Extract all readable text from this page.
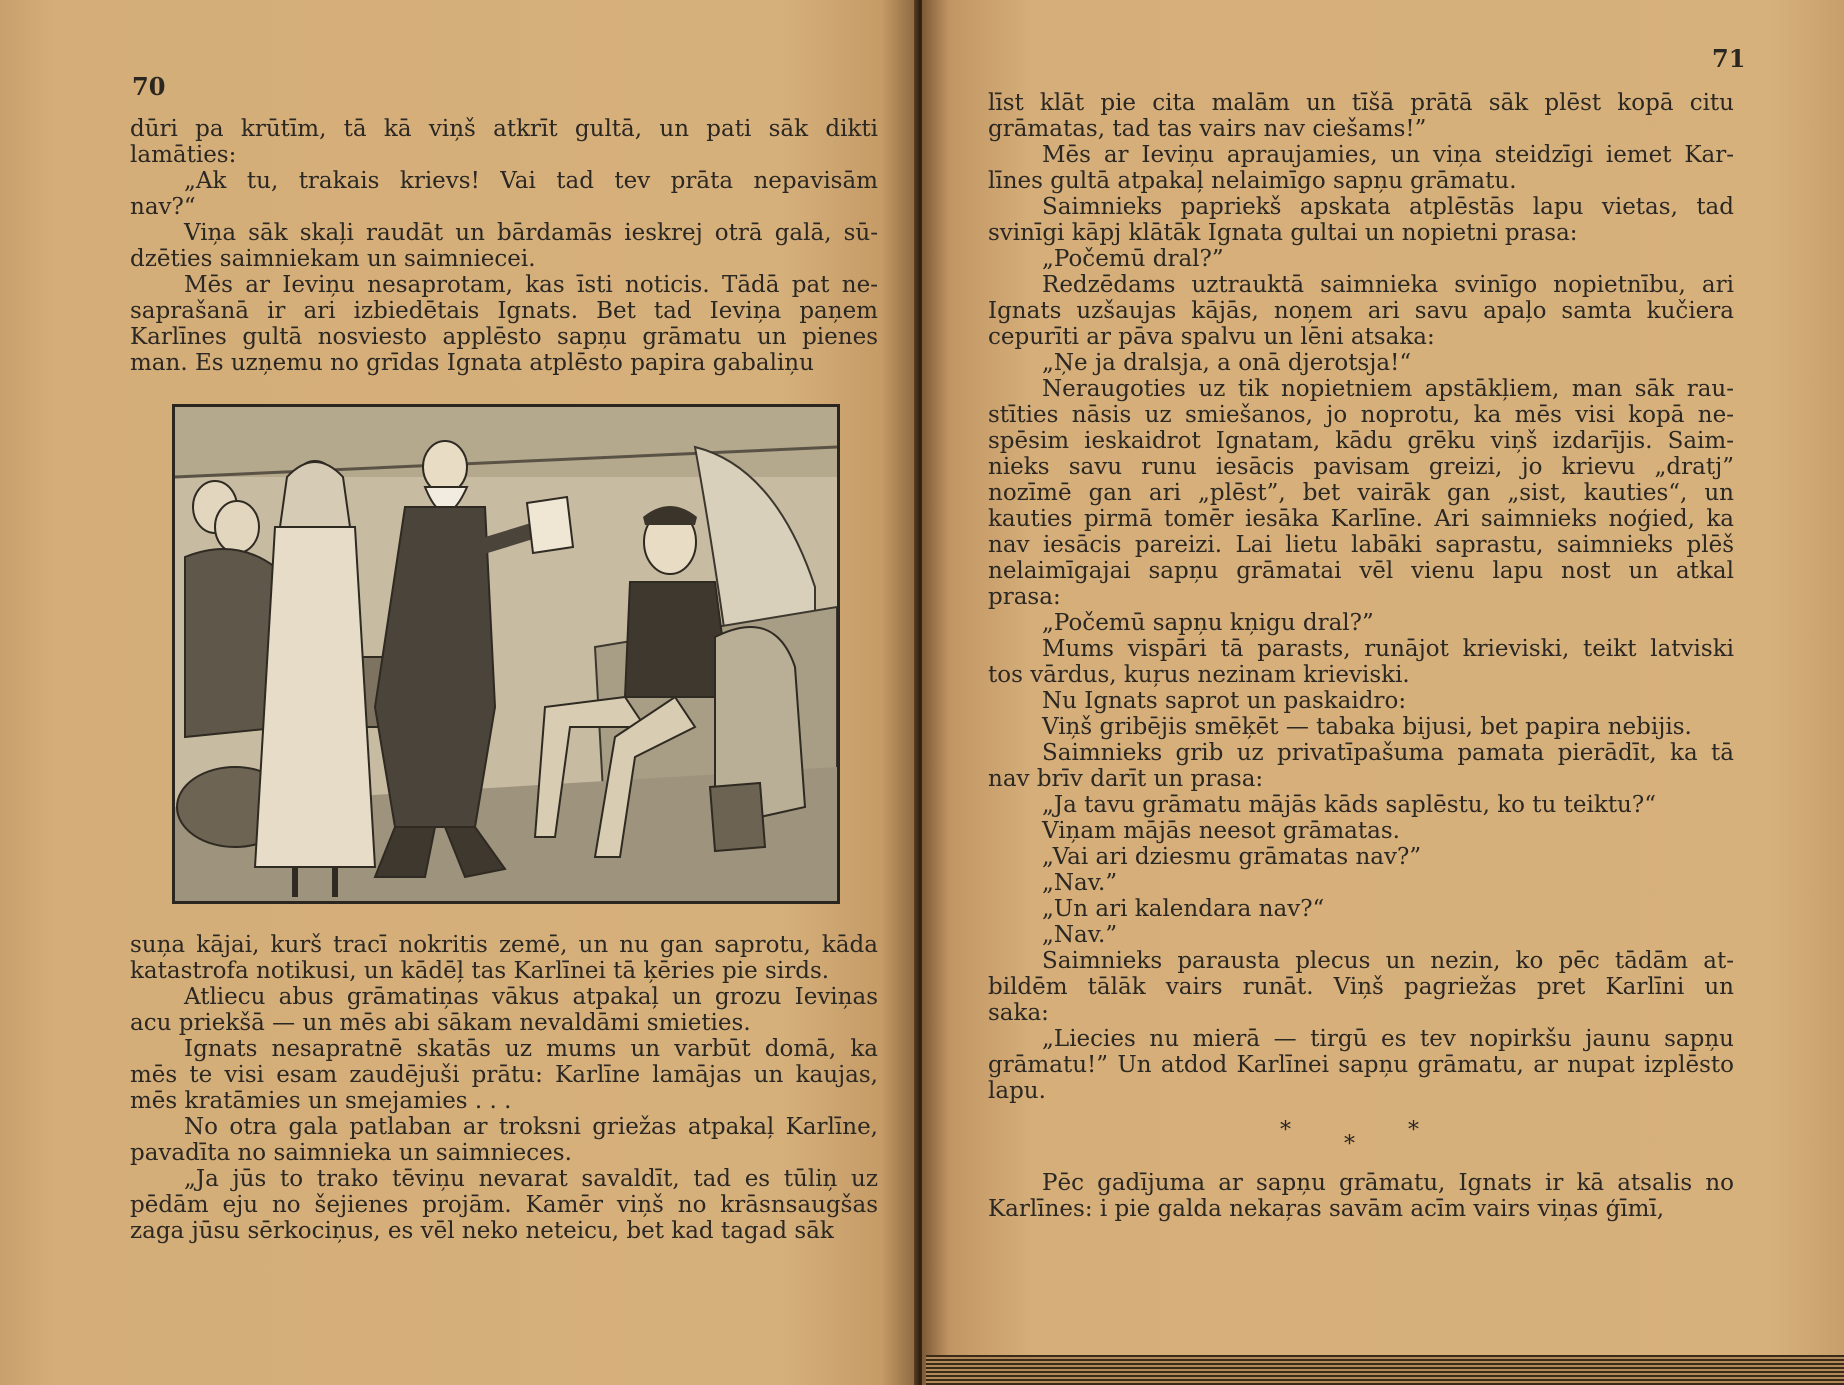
70
dūri pa krūtīm, tā kā viņš atkrīt gultā, un pati sāk dikti
lamāties:
„Ak tu, trakais krievs! Vai tad tev prāta nepavisām
nav?“
Viņa sāk skaļi raudāt un bārdamās ieskrej otrā galā, sū-
dzēties saimniekam un saimniecei.
Mēs ar Ieviņu nesaprotam, kas īsti noticis. Tādā pat ne-
saprašanā ir ari izbiedētais Ignats. Bet tad Ieviņa paņem
Karlīnes gultā nosviesto applēsto sapņu grāmatu un pienes
man. Es uzņemu no grīdas Ignata atplēsto papira gabaliņu
suņa kājai, kurš tracī nokritis zemē, un nu gan saprotu, kāda
katastrofa notikusi, un kādēļ tas Karlīnei tā ķēries pie sirds.
Atliecu abus grāmatiņas vākus atpakaļ un grozu Ieviņas
acu priekšā — un mēs abi sākam nevaldāmi smieties.
Ignats nesapratnē skatās uz mums un varbūt domā, ka
mēs te visi esam zaudējuši prātu: Karlīne lamājas un kaujas,
mēs kratāmies un smejamies . . .
No otra gala patlaban ar troksni griežas atpakaļ Karlīne,
pavadīta no saimnieka un saimnieces.
„Ja jūs to trako tēviņu nevarat savaldīt, tad es tūliņ uz
pēdām eju no šejienes projām. Kamēr viņš no krāsnsaugšas
zaga jūsu sērkociņus, es vēl neko neteicu, bet kad tagad sāk
71
līst klāt pie cita malām un tīšā prātā sāk plēst kopā citu
grāmatas, tad tas vairs nav ciešams!”
Mēs ar Ieviņu apraujamies, un viņa steidzīgi iemet Kar-
līnes gultā atpakaļ nelaimīgo sapņu grāmatu.
Saimnieks papriekš apskata atplēstās lapu vietas, tad
svinīgi kāpj klātāk Ignata gultai un nopietni prasa:
„Počemū dral?”
Redzēdams uztrauktā saimnieka svinīgo nopietnību, ari
Ignats uzšaujas kājās, noņem ari savu apaļo samta kučiera
cepurīti ar pāva spalvu un lēni atsaka:
„Ņe ja dralsja, a onā djerotsja!“
Neraugoties uz tik nopietniem apstākļiem, man sāk rau-
stīties nāsis uz smiešanos, jo noprotu, ka mēs visi kopā ne-
spēsim ieskaidrot Ignatam, kādu grēku viņš izdarījis. Saim-
nieks savu runu iesācis pavisam greizi, jo krievu „dratj”
nozīmē gan ari „plēst”, bet vairāk gan „sist, kauties“, un
kauties pirmā tomēr iesāka Karlīne. Ari saimnieks noģied, ka
nav iesācis pareizi. Lai lietu labāki saprastu, saimnieks plēš
nelaimīgajai sapņu grāmatai vēl vienu lapu nost un atkal
prasa:
„Počemū sapņu kņigu dral?”
Mums vispāri tā parasts, runājot krieviski, teikt latviski
tos vārdus, kuŗus nezinam krieviski.
Nu Ignats saprot un paskaidro:
Viņš gribējis smēķēt — tabaka bijusi, bet papira nebijis.
Saimnieks grib uz privatīpašuma pamata pierādīt, ka tā
nav brīv darīt un prasa:
„Ja tavu grāmatu mājās kāds saplēstu, ko tu teiktu?“
Viņam mājās neesot grāmatas.
„Vai ari dziesmu grāmatas nav?”
„Nav.”
„Un ari kalendara nav?“
„Nav.”
Saimnieks parausta plecus un nezin, ko pēc tādām at-
bildēm tālāk vairs runāt. Viņš pagriežas pret Karlīni un
saka:
„Liecies nu mierā — tirgū es tev nopirkšu jaunu sapņu
grāmatu!” Un atdod Karlīnei sapņu grāmatu, ar nupat izplēsto
lapu.
*	*
*
Pēc gadījuma ar sapņu grāmatu, Ignats ir kā atsalis no
Karlīnes: i pie galda nekaŗas savām acīm vairs viņas ģīmī,
